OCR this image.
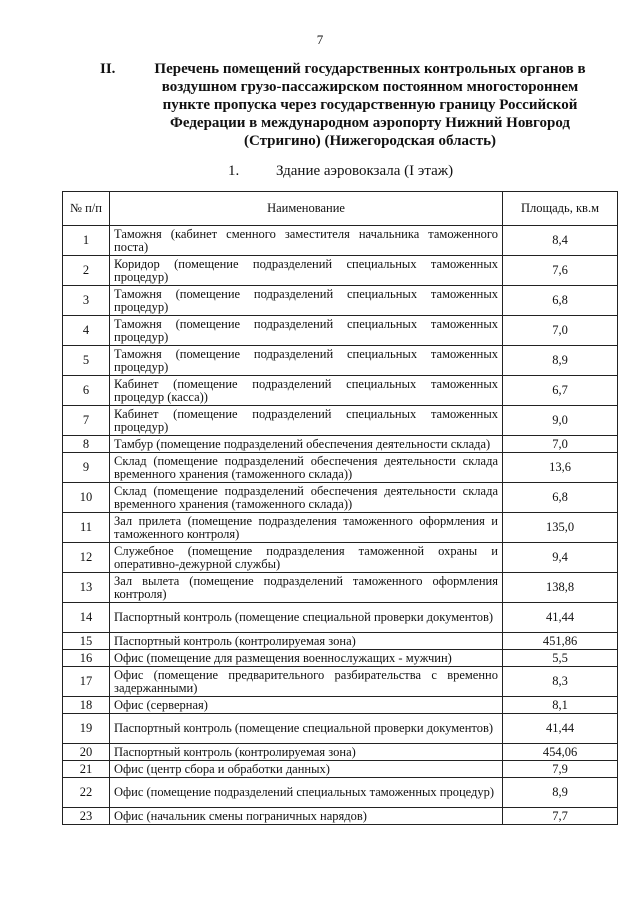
7
II.	Перечень помещений государственных контрольных органов в воздушном грузо-пассажирском постоянном многостороннем пункте пропуска через государственную границу Российской Федерации в международном аэропорту Нижний Новгород (Стригино) (Нижегородская область)
1. Здание аэровокзала (I этаж)
№ п/п	Наименование	Площадь, кв.м
1	Таможня (кабинет сменного заместителя начальника таможенного поста)	8,4
2	Коридор (помещение подразделений специальных таможенных процедур)	7,6
3	Таможня (помещение подразделений специальных таможенных процедур)	6,8
4	Таможня (помещение подразделений специальных таможенных процедур)	7,0
5	Таможня (помещение подразделений специальных таможенных процедур)	8,9
6	Кабинет (помещение подразделений специальных таможенных процедур (касса))	6,7
7	Кабинет (помещение подразделений специальных таможенных процедур)	9,0
8	Тамбур (помещение подразделений обеспечения деятельности склада)	7,0
9	Склад (помещение подразделений обеспечения деятельности склада временного хранения (таможенного склада))	13,6
10	Склад (помещение подразделений обеспечения деятельности склада временного хранения (таможенного склада))	6,8
11	Зал прилета (помещение подразделения таможенного оформления и таможенного контроля)	135,0
12	Служебное (помещение подразделения таможенной охраны и оперативно-дежурной службы)	9,4
13	Зал вылета (помещение подразделений таможенного оформления контроля)	138,8
14	Паспортный контроль (помещение специальной проверки документов)	41,44
15	Паспортный контроль (контролируемая зона)	451,86
16	Офис (помещение для размещения военнослужащих - мужчин)	5,5
17	Офис (помещение предварительного разбирательства с временно задержанными)	8,3
18	Офис (серверная)	8,1
19	Паспортный контроль (помещение специальной проверки документов)	41,44
20	Паспортный контроль (контролируемая зона)	454,06
21	Офис (центр сбора и обработки данных)	7,9
22	Офис (помещение подразделений специальных таможенных процедур)	8,9
23	Офис (начальник смены пограничных нарядов)	7,7
